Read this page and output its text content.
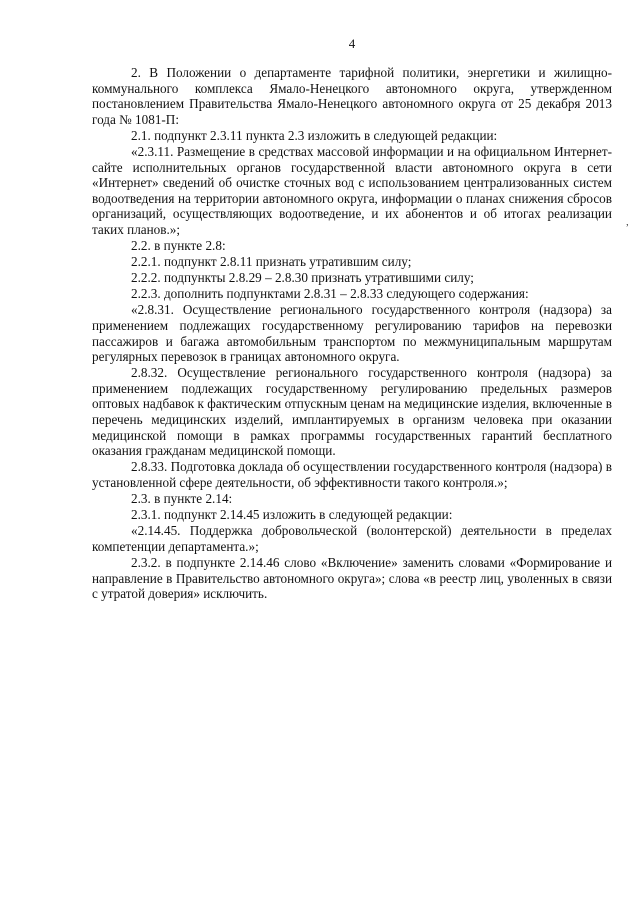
4

2. В Положении о департаменте тарифной политики, энергетики и жилищно-коммунального комплекса Ямало-Ненецкого автономного округа, утвержденном постановлением Правительства Ямало-Ненецкого автономного округа от 25 декабря 2013 года № 1081-П:

2.1. подпункт 2.3.11 пункта 2.3 изложить в следующей редакции:

«2.3.11. Размещение в средствах массовой информации и на официальном Интернет-сайте исполнительных органов государственной власти автономного округа в сети «Интернет» сведений об очистке сточных вод с использованием централизованных систем водоотведения на территории автономного округа, информации о планах снижения сбросов организаций, осуществляющих водоотведение, и их абонентов и об итогах реализации таких планов.»;

2.2. в пункте 2.8:

2.2.1. подпункт 2.8.11 признать утратившим силу;

2.2.2. подпункты 2.8.29 – 2.8.30 признать утратившими силу;

2.2.3. дополнить подпунктами 2.8.31 – 2.8.33 следующего содержания:

«2.8.31. Осуществление регионального государственного контроля (надзора) за применением подлежащих государственному регулированию тарифов на перевозки пассажиров и багажа автомобильным транспортом по межмуниципальным маршрутам регулярных перевозок в границах автономного округа.

2.8.32. Осуществление регионального государственного контроля (надзора) за применением подлежащих государственному регулированию предельных размеров оптовых надбавок к фактическим отпускным ценам на медицинские изделия, включенные в перечень медицинских изделий, имплантируемых в организм человека при оказании медицинской помощи в рамках программы государственных гарантий бесплатного оказания гражданам медицинской помощи.

2.8.33. Подготовка доклада об осуществлении государственного контроля (надзора) в установленной сфере деятельности, об эффективности такого контроля.»;

2.3. в пункте 2.14:

2.3.1. подпункт 2.14.45 изложить в следующей редакции:

«2.14.45. Поддержка добровольческой (волонтерской) деятельности в пределах компетенции департамента.»;

2.3.2. в подпункте 2.14.46 слово «Включение» заменить словами «Формирование и направление в Правительство автономного округа»; слова «в реестр лиц, уволенных в связи с утратой доверия» исключить.

,
